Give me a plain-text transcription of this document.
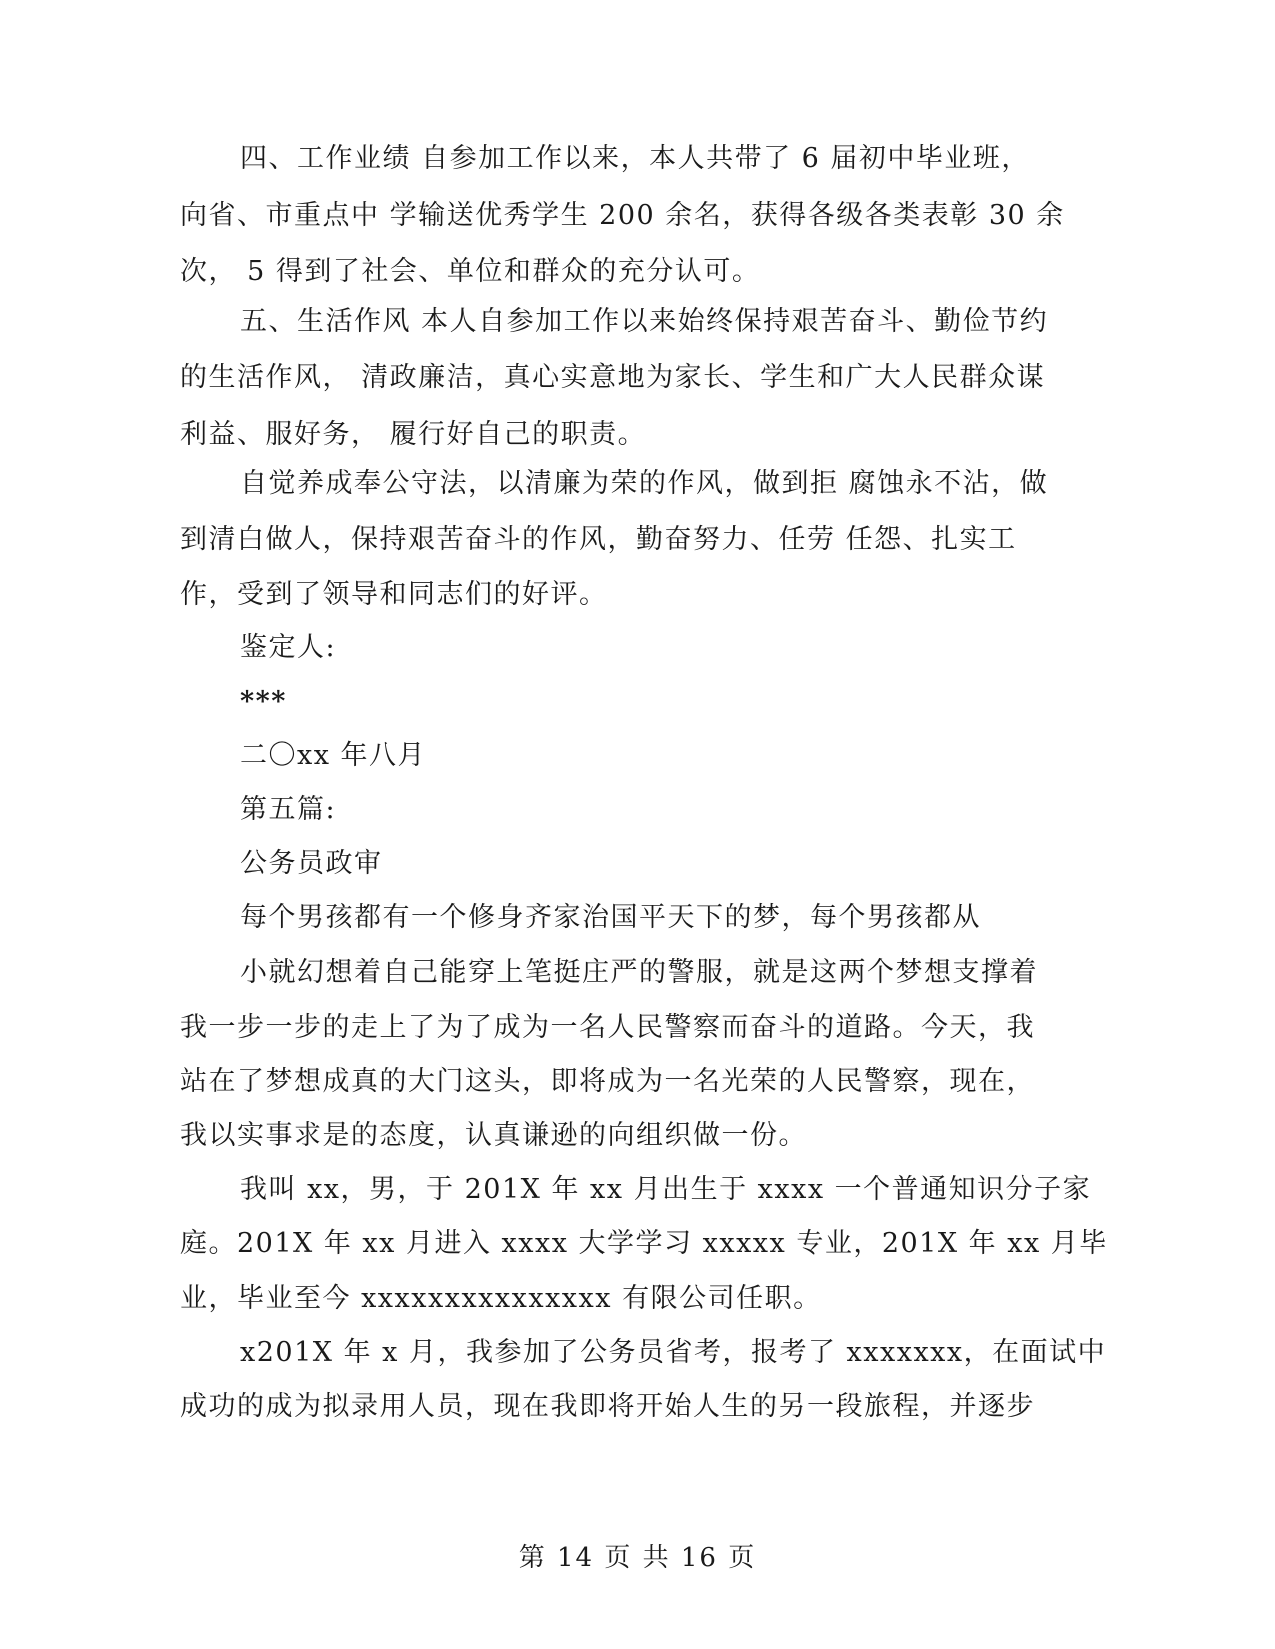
四、工作业绩 自参加工作以来，本人共带了 6 届初中毕业班，
向省、市重点中 学输送优秀学生 200 余名，获得各级各类表彰 30 余
次， 5 得到了社会、单位和群众的充分认可。
五、生活作风 本人自参加工作以来始终保持艰苦奋斗、勤俭节约
的生活作风， 清政廉洁，真心实意地为家长、学生和广大人民群众谋
利益、服好务， 履行好自己的职责。
自觉养成奉公守法，以清廉为荣的作风，做到拒 腐蚀永不沾，做
到清白做人，保持艰苦奋斗的作风，勤奋努力、任劳 任怨、扎实工
作，受到了领导和同志们的好评。
鉴定人:
***
二〇xx 年八月
第五篇:
公务员政审
每个男孩都有一个修身齐家治国平天下的梦，每个男孩都从
小就幻想着自己能穿上笔挺庄严的警服，就是这两个梦想支撑着
我一步一步的走上了为了成为一名人民警察而奋斗的道路。今天，我
站在了梦想成真的大门这头，即将成为一名光荣的人民警察，现在，
我以实事求是的态度，认真谦逊的向组织做一份。
我叫 xx，男，于 201X 年 xx 月出生于 xxxx 一个普通知识分子家
庭。201X 年 xx 月进入 xxxx 大学学习 xxxxx 专业，201X 年 xx 月毕
业，毕业至今 xxxxxxxxxxxxxxx 有限公司任职。
x201X 年 x 月，我参加了公务员省考，报考了 xxxxxxx，在面试中
成功的成为拟录用人员，现在我即将开始人生的另一段旅程，并逐步
第 14 页 共 16 页
